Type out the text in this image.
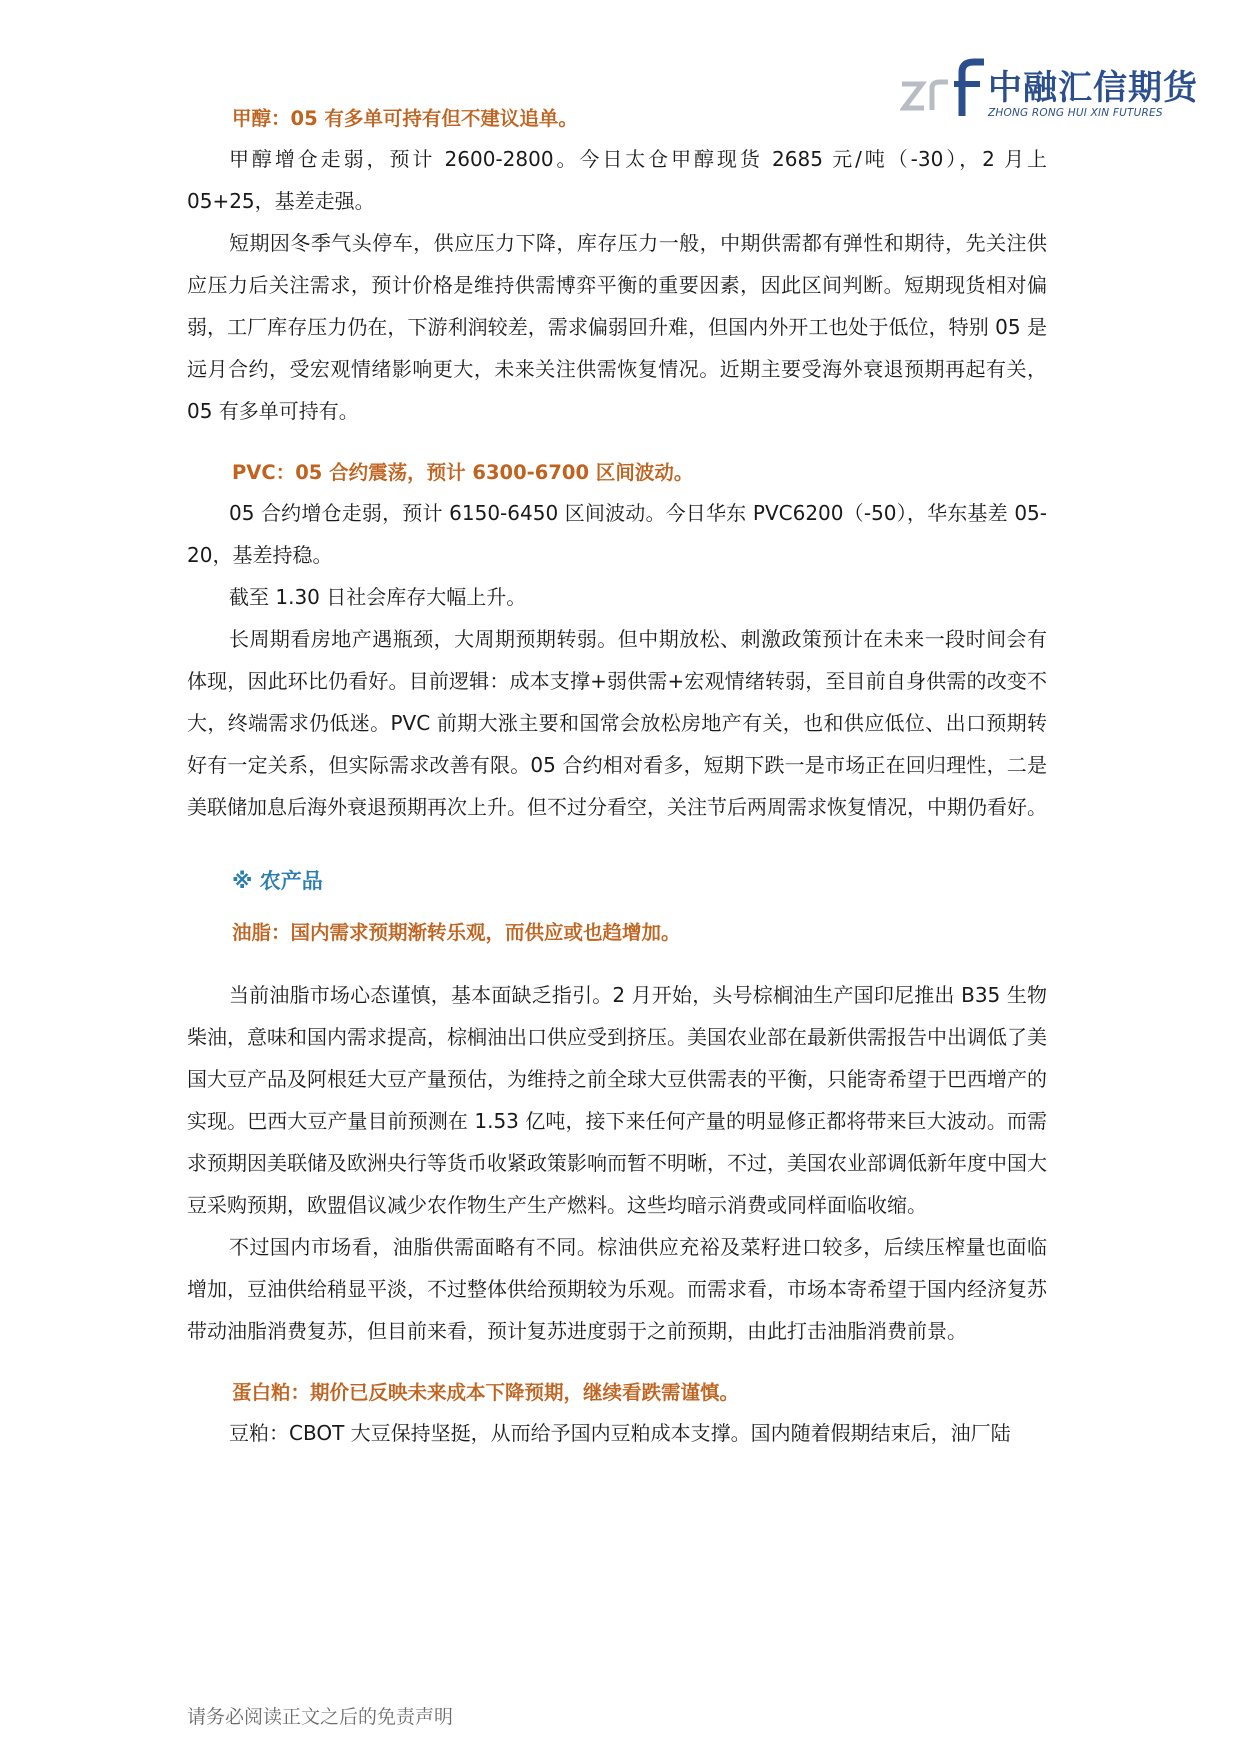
中融汇信期货
ZHONG RONG HUI XIN FUTURES

甲醇：05 有多单可持有但不建议追单。

甲醇增仓走弱，预计 2600-2800。今日太仓甲醇现货 2685 元/吨（-30），2 月上 05+25，基差走强。

短期因冬季气头停车，供应压力下降，库存压力一般，中期供需都有弹性和期待，先关注供应压力后关注需求，预计价格是维持供需博弈平衡的重要因素，因此区间判断。短期现货相对偏弱，工厂库存压力仍在，下游利润较差，需求偏弱回升难，但国内外开工也处于低位，特别 05 是远月合约，受宏观情绪影响更大，未来关注供需恢复情况。近期主要受海外衰退预期再起有关，05 有多单可持有。

PVC：05 合约震荡，预计 6300-6700 区间波动。

05 合约增仓走弱，预计 6150-6450 区间波动。今日华东 PVC6200（-50），华东基差 05-20，基差持稳。

截至 1.30 日社会库存大幅上升。

长周期看房地产遇瓶颈，大周期预期转弱。但中期放松、刺激政策预计在未来一段时间会有体现，因此环比仍看好。目前逻辑：成本支撑+弱供需+宏观情绪转弱，至目前自身供需的改变不大，终端需求仍低迷。PVC 前期大涨主要和国常会放松房地产有关，也和供应低位、出口预期转好有一定关系，但实际需求改善有限。05 合约相对看多，短期下跌一是市场正在回归理性，二是美联储加息后海外衰退预期再次上升。但不过分看空，关注节后两周需求恢复情况，中期仍看好。

※ 农产品

油脂：国内需求预期渐转乐观，而供应或也趋增加。

当前油脂市场心态谨慎，基本面缺乏指引。2 月开始，头号棕榈油生产国印尼推出 B35 生物柴油，意味和国内需求提高，棕榈油出口供应受到挤压。美国农业部在最新供需报告中出调低了美国大豆产品及阿根廷大豆产量预估，为维持之前全球大豆供需表的平衡，只能寄希望于巴西增产的实现。巴西大豆产量目前预测在 1.53 亿吨，接下来任何产量的明显修正都将带来巨大波动。而需求预期因美联储及欧洲央行等货币收紧政策影响而暂不明晰，不过，美国农业部调低新年度中国大豆采购预期，欧盟倡议减少农作物生产生产燃料。这些均暗示消费或同样面临收缩。

不过国内市场看，油脂供需面略有不同。棕油供应充裕及菜籽进口较多，后续压榨量也面临增加，豆油供给稍显平淡，不过整体供给预期较为乐观。而需求看，市场本寄希望于国内经济复苏带动油脂消费复苏，但目前来看，预计复苏进度弱于之前预期，由此打击油脂消费前景。

蛋白粕：期价已反映未来成本下降预期，继续看跌需谨慎。

豆粕：CBOT 大豆保持坚挺，从而给予国内豆粕成本支撑。国内随着假期结束后，油厂陆

请务必阅读正文之后的免责声明
